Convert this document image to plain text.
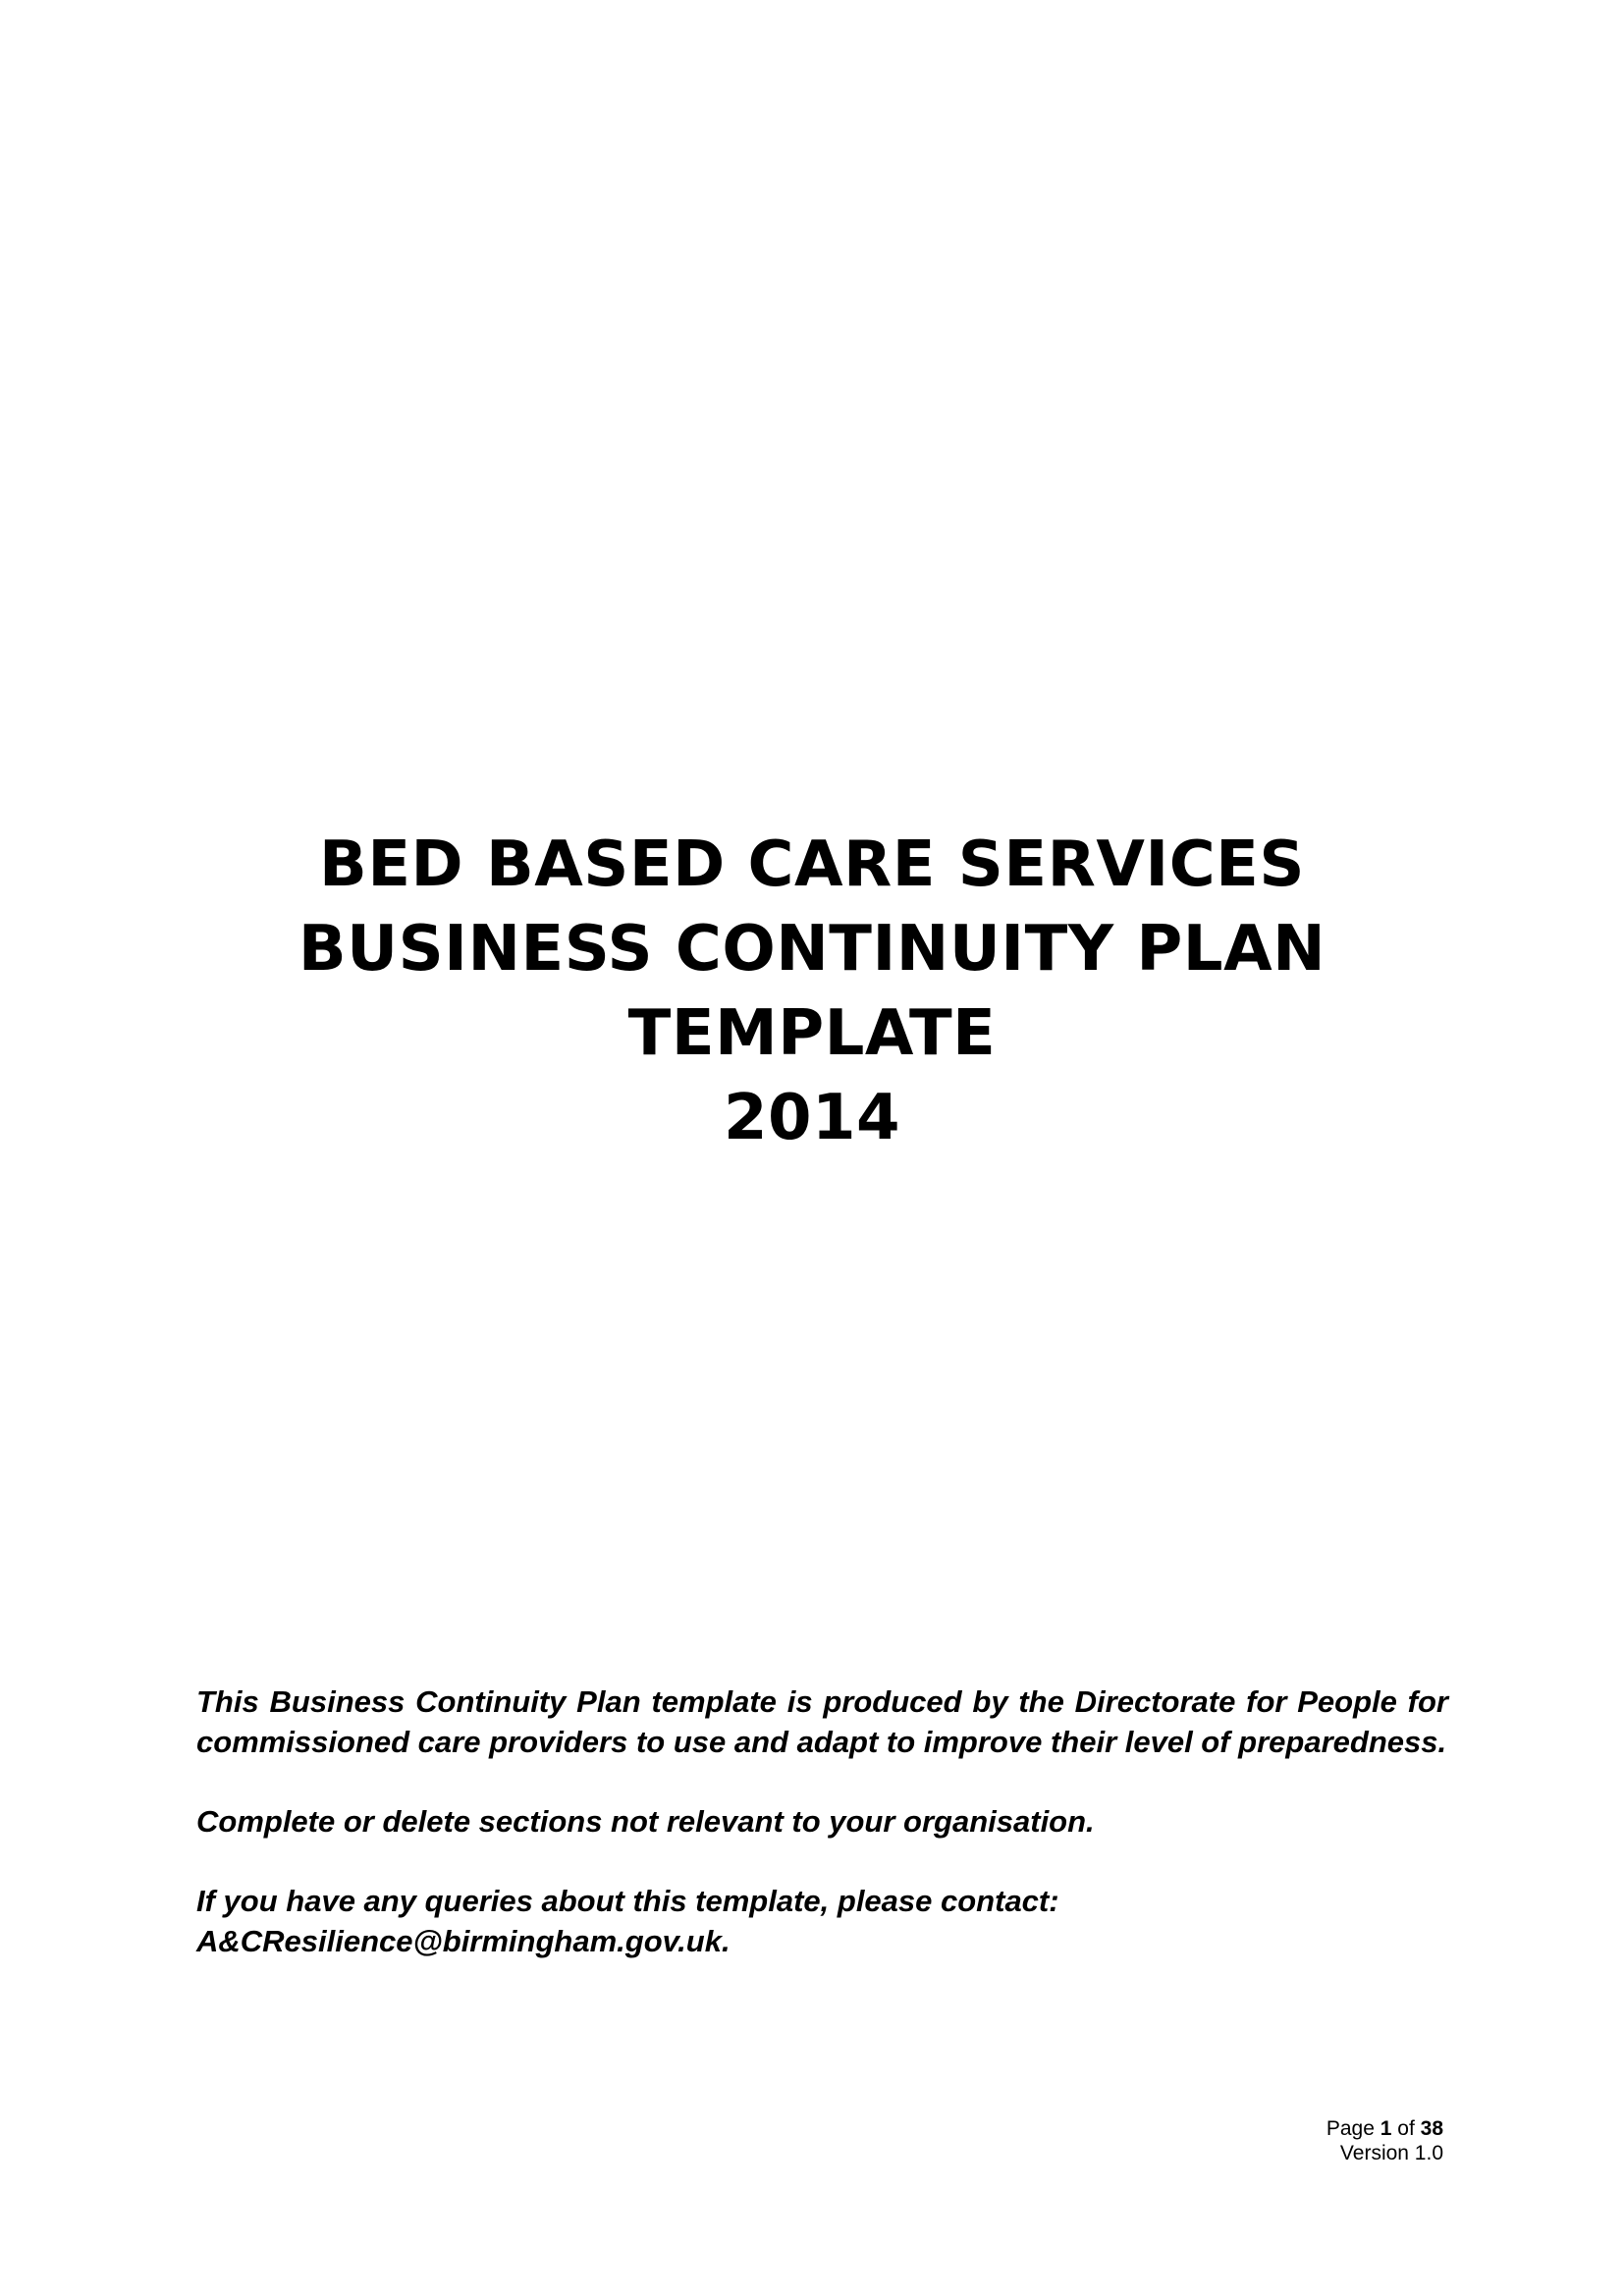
BED BASED CARE SERVICES
BUSINESS CONTINUITY PLAN
TEMPLATE
2014

This Business Continuity Plan template is produced by the Directorate for People for commissioned care providers to use and adapt to improve their level of preparedness.

Complete or delete sections not relevant to your organisation.

If you have any queries about this template, please contact:
A&CResilience@birmingham.gov.uk.

Page 1 of 38
Version 1.0
